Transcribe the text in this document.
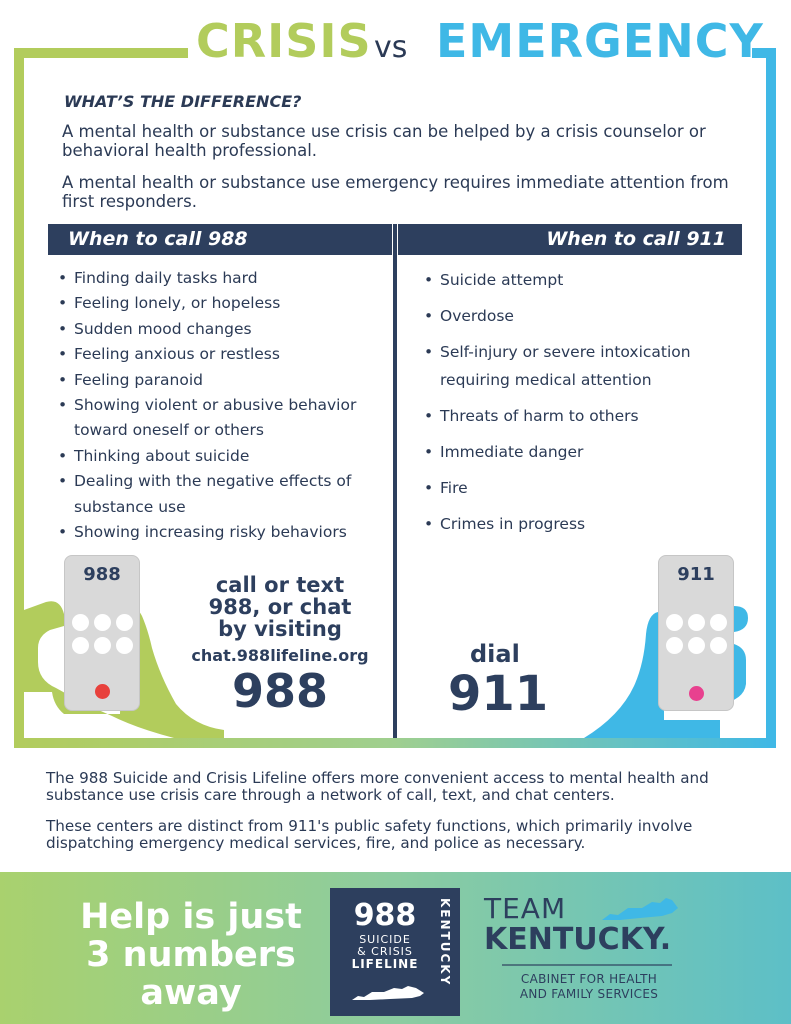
CRISIS vs EMERGENCY
WHAT’S THE DIFFERENCE?

A mental health or substance use crisis can be helped by a crisis counselor or behavioral health professional.

A mental health or substance use emergency requires immediate attention from first responders.

When to call 988	When to call 911
• Finding daily tasks hard
• Feeling lonely, or hopeless
• Sudden mood changes
• Feeling anxious or restless
• Feeling paranoid
• Showing violent or abusive behavior toward oneself or others
• Thinking about suicide
• Dealing with the negative effects of substance use
• Showing increasing risky behaviors
• Suicide attempt
• Overdose
• Self-injury or severe intoxication requiring medical attention
• Threats of harm to others
• Immediate danger
• Fire
• Crimes in progress
988	call or text
988, or chat
by visiting
chat.988lifeline.org
988
911
dial
911

The 988 Suicide and Crisis Lifeline offers more convenient access to mental health and substance use crisis care through a network of call, text, and chat centers.

These centers are distinct from 911's public safety functions, which primarily involve dispatching emergency medical services, fire, and police as necessary.

Help is just
3 numbers
away
988
SUICIDE
& CRISIS
LIFELINE	KENTUCKY TEAM
KENTUCKY.
CABINET FOR HEALTH
AND FAMILY SERVICES
